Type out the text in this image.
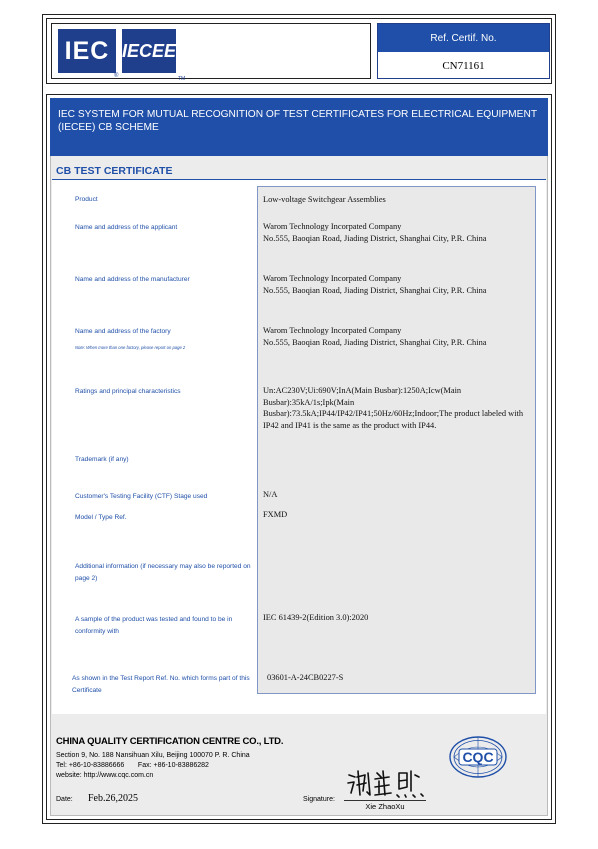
IEC
®
IECEE
TM
Ref. Certif. No.
CN71161
IEC SYSTEM FOR MUTUAL RECOGNITION OF TEST CERTIFICATES FOR ELECTRICAL EQUIPMENT (IECEE) CB SCHEME
CB TEST CERTIFICATE
Product
Name and address of the applicant
Name and address of the manufacturer
Name and address of the factory
Note: When more than one factory, please report on page 2
Ratings and principal characteristics
Trademark (if any)
Customer's Testing Facility (CTF) Stage used
Model / Type Ref.
Additional information (if necessary may also be reported on page 2)
A sample of the product was tested and found to be in conformity with
As shown in the Test Report Ref. No. which forms part of this Certificate
Low-voltage Switchgear Assemblies
Warom Technology Incorpated Company
No.555, Baoqian Road, Jiading District, Shanghai City, P.R. China
Warom Technology Incorpated Company
No.555, Baoqian Road, Jiading District, Shanghai City, P.R. China
Warom Technology Incorpated Company
No.555, Baoqian Road, Jiading District, Shanghai City, P.R. China
Un:AC230V;Ui:690V;InA(Main Busbar):1250A;Icw(Main Busbar):35kA/1s;Ipk(Main Busbar):73.5kA;IP44/IP42/IP41;50Hz/60Hz;Indoor;The product labeled with IP42 and IP41 is the same as the product with IP44.
N/A
FXMD
IEC 61439-2(Edition 3.0):2020
03601-A-24CB0227-S
CHINA QUALITY CERTIFICATION CENTRE CO., LTD.
Section 9, No. 188 Nansihuan Xilu, Beijing 100070 P. R. China
Tel: +86-10-83886666       Fax: +86-10-83886282
website: http://www.cqc.com.cn
Date: Feb.26,2025	Signature:
Xie ZhaoXu
CQC
